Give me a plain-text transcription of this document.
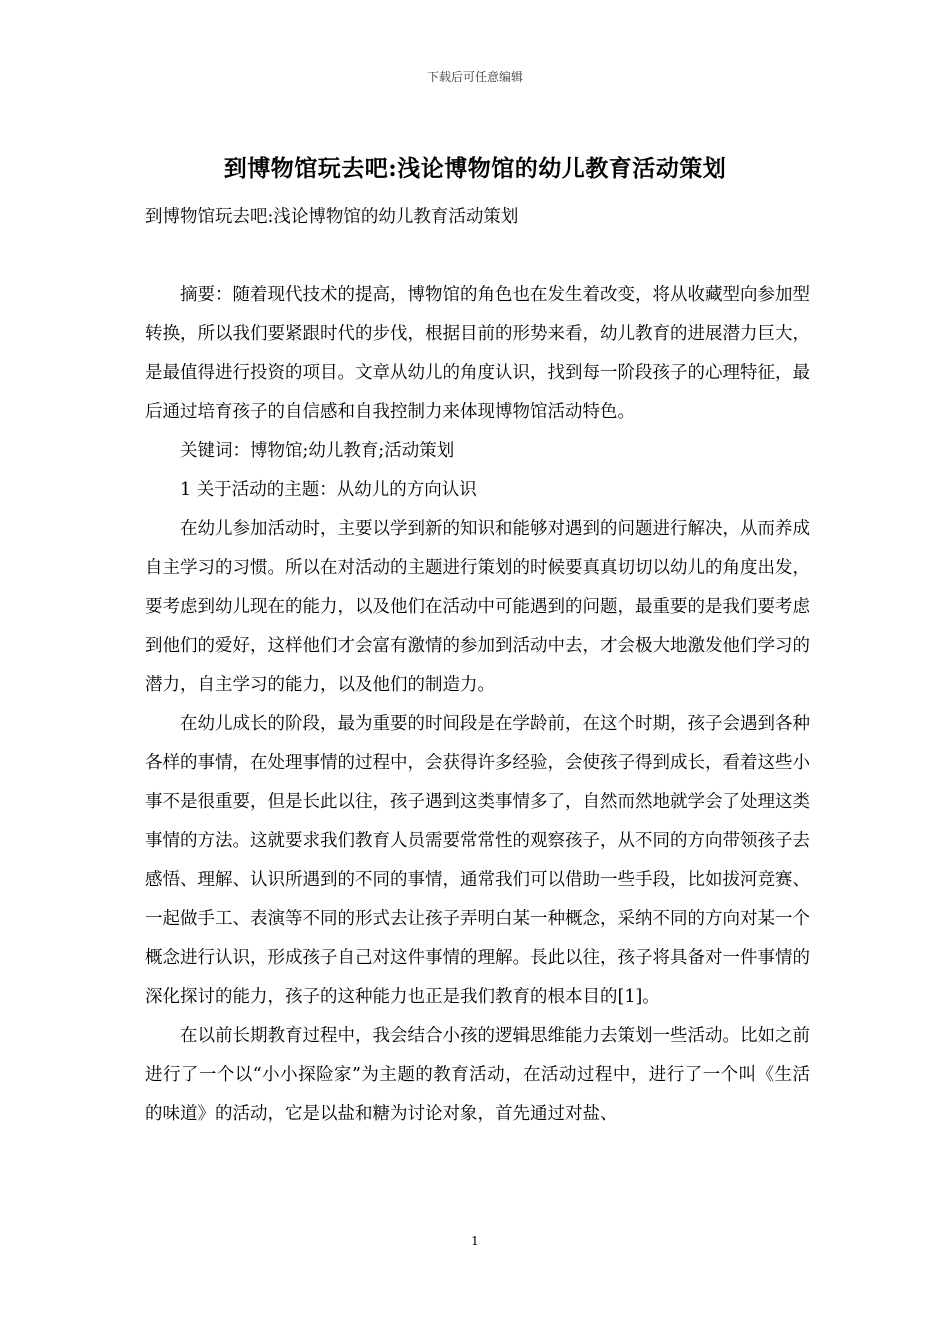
下载后可任意编辑
到博物馆玩去吧:浅论博物馆的幼儿教育活动策划

到博物馆玩去吧:浅论博物馆的幼儿教育活动策划

摘要：随着现代技术的提高，博物馆的角色也在发生着改变，将从收藏型向参加型转换，所以我们要紧跟时代的步伐，根据目前的形势来看，幼儿教育的进展潜力巨大，是最值得进行投资的项目。文章从幼儿的角度认识，找到每一阶段孩子的心理特征，最后通过培育孩子的自信感和自我控制力来体现博物馆活动特色。

关键词：博物馆;幼儿教育;活动策划

1 关于活动的主题：从幼儿的方向认识

在幼儿参加活动时，主要以学到新的知识和能够对遇到的问题进行解决，从而养成自主学习的习惯。所以在对活动的主题进行策划的时候要真真切切以幼儿的角度出发，要考虑到幼儿现在的能力，以及他们在活动中可能遇到的问题，最重要的是我们要考虑到他们的爱好，这样他们才会富有激情的参加到活动中去，才会极大地激发他们学习的潜力，自主学习的能力，以及他们的制造力。

在幼儿成长的阶段，最为重要的时间段是在学龄前，在这个时期，孩子会遇到各种各样的事情，在处理事情的过程中，会获得许多经验，会使孩子得到成长，看着这些小事不是很重要，但是长此以往，孩子遇到这类事情多了，自然而然地就学会了处理这类事情的方法。这就要求我们教育人员需要常常性的观察孩子，从不同的方向带领孩子去感悟、理解、认识所遇到的不同的事情，通常我们可以借助一些手段，比如拔河竞赛、一起做手工、表演等不同的形式去让孩子弄明白某一种概念，采纳不同的方向对某一个概念进行认识，形成孩子自己对这件事情的理解。長此以往，孩子将具备对一件事情的深化探讨的能力，孩子的这种能力也正是我们教育的根本目的[1]。

在以前长期教育过程中，我会结合小孩的逻辑思维能力去策划一些活动。比如之前进行了一个以“小小探险家”为主题的教育活动，在活动过程中，进行了一个叫《生活的味道》的活动，它是以盐和糖为讨论对象，首先通过对盐、

1
